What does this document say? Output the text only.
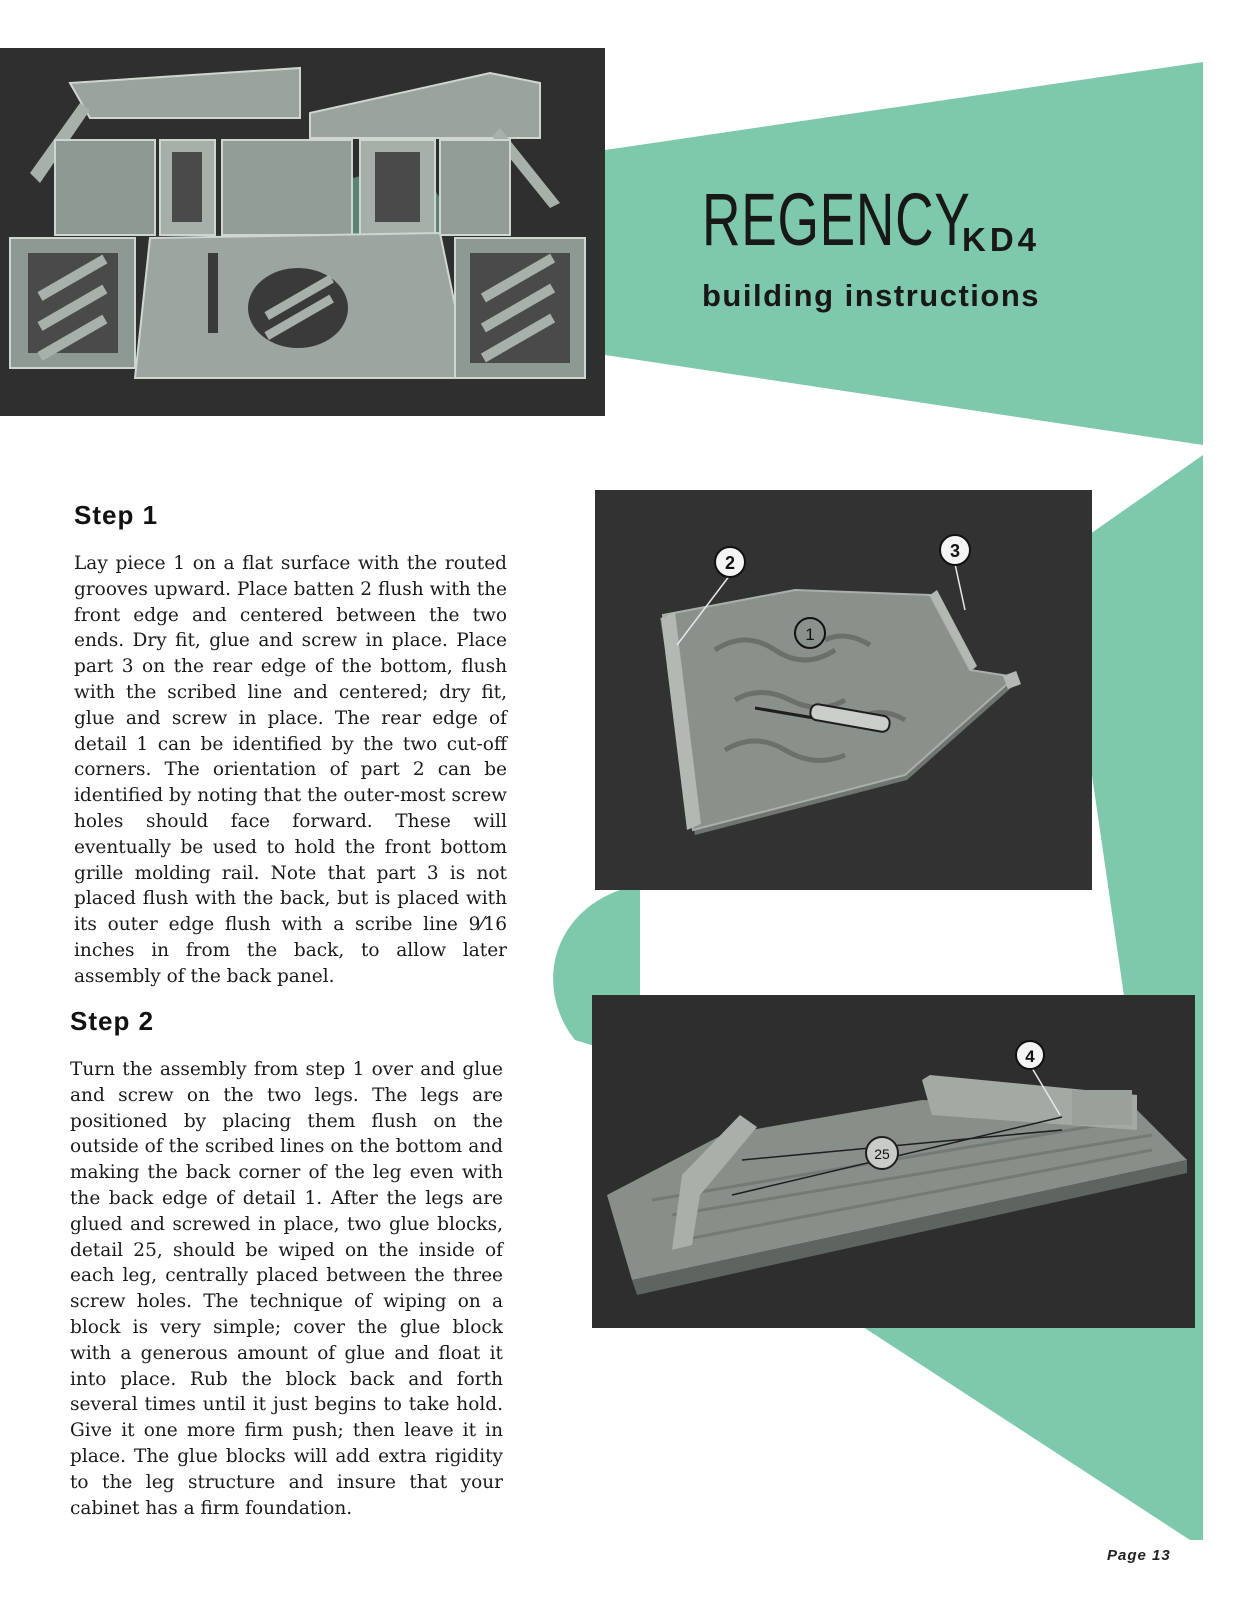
REGENCY
KD4
building instructions
2
3
1
25
4
Step 1

Lay piece 1 on a flat surface with the routed grooves upward. Place batten 2 flush with the front edge and centered between the two ends. Dry fit, glue and screw in place. Place part 3 on the rear edge of the bottom, flush with the scribed line and centered; dry fit, glue and screw in place. The rear edge of detail 1 can be identified by the two cut-off corners. The orientation of part 2 can be identified by noting that the outer-most screw holes should face forward. These will eventually be used to hold the front bottom grille molding rail. Note that part 3 is not placed flush with the back, but is placed with its outer edge flush with a scribe line 9⁄16 inches in from the back, to allow later assembly of the back panel.

Step 2

Turn the assembly from step 1 over and glue and screw on the two legs. The legs are positioned by placing them flush on the outside of the scribed lines on the bottom and making the back corner of the leg even with the back edge of detail 1. After the legs are glued and screwed in place, two glue blocks, detail 25, should be wiped on the inside of each leg, centrally placed between the three screw holes. The technique of wiping on a block is very simple; cover the glue block with a generous amount of glue and float it into place. Rub the block back and forth several times until it just begins to take hold. Give it one more firm push; then leave it in place. The glue blocks will add extra rigidity to the leg structure and insure that your cabinet has a firm foundation.

Page 13
